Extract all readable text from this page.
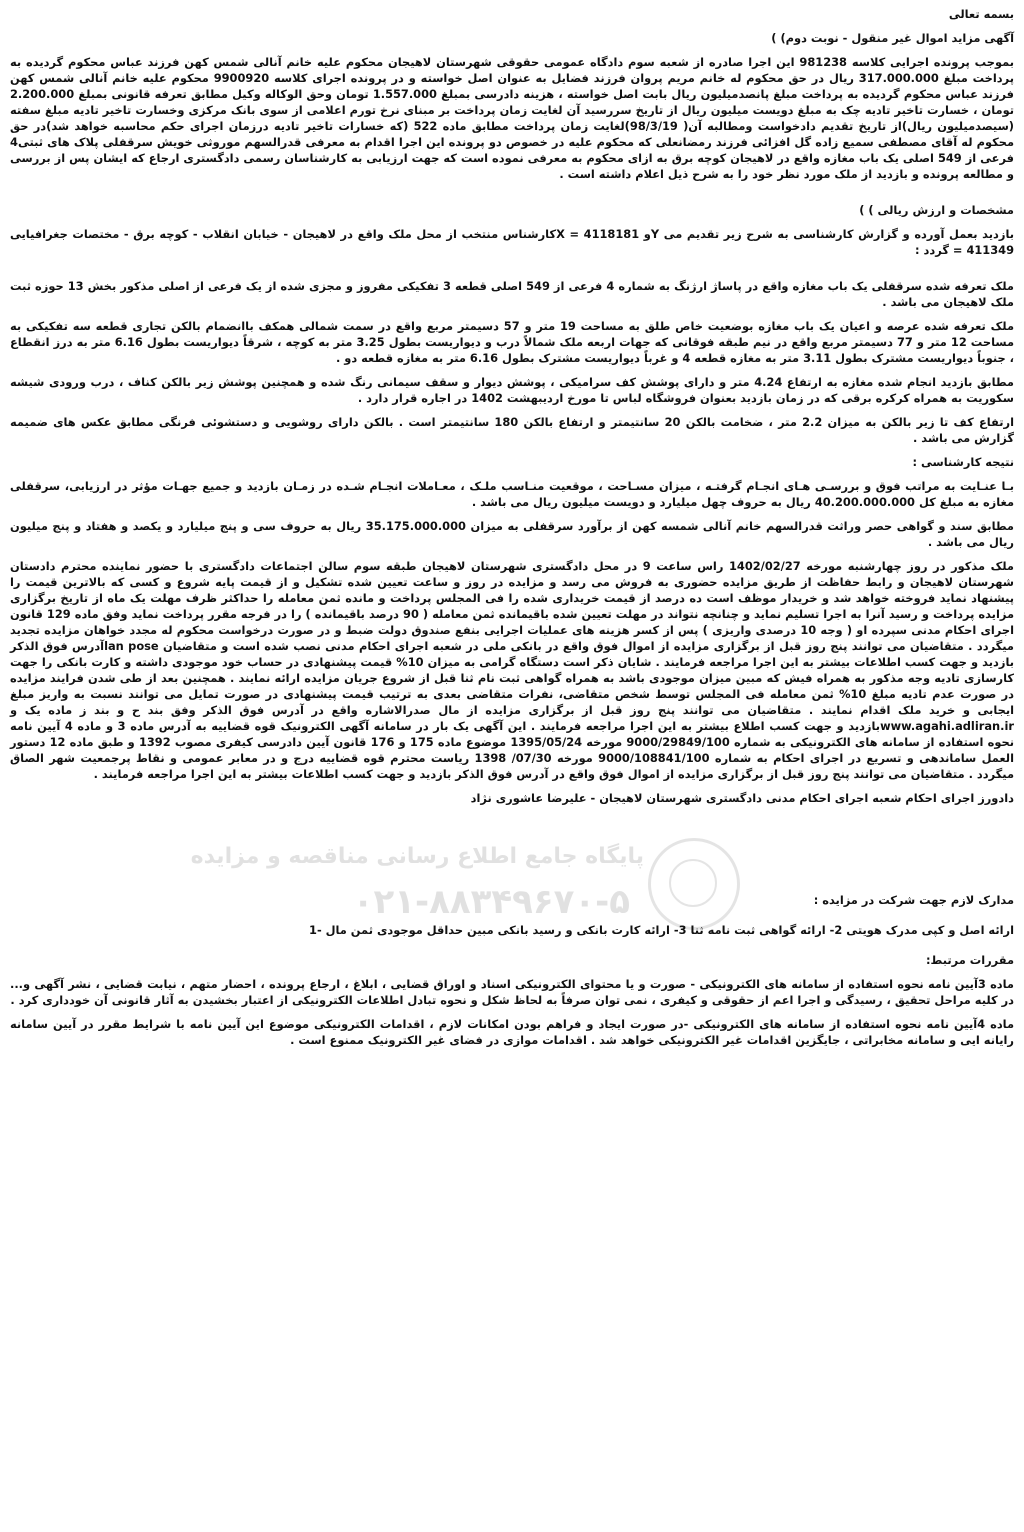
پایگاه جامع اطلاع رسانی مناقصه و مزایده
۰۲۱-۸۸۳۴۹۶۷۰-۵

بسمه تعالی

آگهی مزاید اموال غیر منقول - نوبت دوم) )

بموجب پرونده اجرایی کلاسه 981238 این اجرا صادره از شعبه سوم دادگاه عمومی حقوقی شهرستان لاهیجان محکوم علیه خانم آنالی شمس کهن فرزند عباس محکوم گردیده به پرداخت مبلغ 317.000.000 ریال در حق محکوم له خانم مریم پروان فرزند فضایل به عنوان اصل خواسته و در پرونده اجرای کلاسه 9900920 محکوم علیه خانم آنالی شمس کهن فرزند عباس محکوم گردیده به پرداخت مبلغ پانصدمیلیون ریال بابت اصل خواسته ، هزینه دادرسی بمبلغ 1.557.000 تومان وحق الوکاله وکیل مطابق تعرفه قانونی بمبلغ 2.200.000 تومان ، خسارت تاخیر تادیه چک به مبلغ دویست میلیون ریال از تاریخ سررسید آن لغایت زمان پرداخت بر مبنای نرخ تورم اعلامی از سوی بانک مرکزی وخسارت تاخیر تادیه مبلغ سفته (سیصدمیلیون ریال)از تاریخ تقدیم دادخواست ومطالبه آن( 98/3/19)لغایت زمان پرداخت مطابق ماده 522 (که خسارات تاخیر تادیه درزمان اجرای حکم محاسبه خواهد شد)در حق محکوم له آقای مصطفی سمیع زاده گل افزائی فرزند رمضانعلی که محکوم علیه در خصوص دو پرونده این اجرا اقدام به معرفی قدرالسهم موروثی خویش سرقفلی پلاک های ثبتی4 فرعی از 549 اصلی یک باب مغازه واقع در لاهیجان کوچه برق به ازای محکوم به معرفی نموده است که جهت ارزیابی به کارشناسان رسمی دادگستری ارجاع که ایشان پس از بررسی و مطالعه پرونده و بازدید از ملک مورد نظر خود را به شرح ذیل اعلام داشته است .

مشخصات و ارزش ریالی ) )

بازدید بعمل آورده و گزارش کارشناسی به شرح زیر تقدیم می Yو 4118181 = Xکارشناس منتخب از محل ملک واقع در لاهیجان - خیابان انقلاب - کوچه برق - مختصات جغرافیایی 411349 = گردد :

ملک تعرفه شده سرقفلی یک باب مغازه واقع در پاساژ ارژنگ به شماره 4 فرعی از 549 اصلی قطعه 3 تفکیکی مفروز و مجزی شده از یک فرعی از اصلی مذکور بخش 13 حوزه ثبت ملک لاهیجان می باشد .

ملک تعرفه شده عرصه و اعیان یک باب مغازه بوضعیت خاص طلق به مساحت 19 متر و 57 دسیمتر مربع واقع در سمت شمالی همکف باانضمام بالکن تجاری قطعه سه تفکیکی به مساحت 12 متر و 77 دسیمتر مربع واقع در نیم طبقه فوقانی که جهات اربعه ملک شمالاً درب و دیواریست بطول 3.25 متر به کوچه ، شرقاً دیواریست بطول 6.16 متر به درز انقطاع ، جنوباً دیواریست مشترک بطول 3.11 متر به مغازه قطعه 4 و غرباً دیواریست مشترک بطول 6.16 متر به مغازه قطعه دو .

مطابق بازدید انجام شده مغازه به ارتفاع 4.24 متر و دارای پوشش کف سرامیکی ، پوشش دیوار و سقف سیمانی رنگ شده و همچنین پوشش زیر بالکن کناف ، درب ورودی شیشه سکوریت به همراه کرکره برقی که در زمان بازدید بعنوان فروشگاه لباس تا مورخ اردیبهشت 1402 در اجاره قرار دارد .

ارتفاع کف تا زیر بالکن به میزان 2.2 متر ، ضخامت بالکن 20 سانتیمتر و ارتفاع بالکن 180 سانتیمتر است . بالکن دارای روشویی و دستشوئی فرنگی مطابق عکس های ضمیمه گزارش می باشد .

نتیجه کارشناسی :

بـا عنـایت به مراتب فوق و بررسـی هـای انجـام گرفتـه ، میزان مسـاحت ، موقعیت منـاسب ملـک ، معـاملات انجـام شـده در زمـان بازدید و جمیع جهـات مؤثر در ارزیابی، سرقفلی مغازه به مبلغ کل 40.200.000.000 ریال به حروف چهل میلیارد و دویست میلیون ریال می باشد .

مطابق سند و گواهی حصر وراثت قدرالسهم خانم آنالی شمسه کهن از برآورد سرقفلی به میزان 35.175.000.000 ریال به حروف سی و پنج میلیارد و یکصد و هفتاد و پنج میلیون ریال می باشد .

ملک مذکور در روز چهارشنبه مورخه 1402/02/27 راس ساعت 9 در محل دادگستری شهرستان لاهیجان طبقه سوم سالن اجتماعات دادگستری با حضور نماینده محترم دادستان شهرستان لاهیجان و رابط حفاظت از طریق مزایده حضوری به فروش می رسد و مزایده در روز و ساعت تعیین شده تشکیل و از قیمت پایه شروع و کسی که بالاترین قیمت را پیشنهاد نماید فروخته خواهد شد و خریدار موظف است ده درصد از قیمت خریداری شده را فی المجلس پرداخت و مانده ثمن معامله را حداکثر ظرف مهلت یک ماه از تاریخ برگزاری مزایده پرداخت و رسید آنرا به اجرا تسلیم نماید و چنانچه نتواند در مهلت تعیین شده باقیمانده ثمن معامله ( 90 درصد باقیمانده ) را در فرجه مقرر پرداخت نماید وفق ماده 129 قانون اجرای احکام مدنی سپرده او ( وجه 10 درصدی واریزی ) پس از کسر هزینه های عملیات اجرایی بنفع صندوق دولت ضبط و در صورت درخواست محکوم له مجدد خواهان مزایده تجدید میگردد . متقاضیان می توانند پنج روز قبل از برگزاری مزایده از اموال فوق واقع در بانکی ملی در شعبه اجرای احکام مدنی نصب شده است و متقاضیان lan poseآدرس فوق الذکر بازدید و جهت کسب اطلاعات بیشتر به این اجرا مراجعه فرمایند . شایان ذکر است دستگاه گرامی به میزان 10% قیمت پیشنهادی در حساب خود موجودی داشته و کارت بانکی را جهت کارسازی تادیه وجه مذکور به همراه فیش که مبین میزان موجودی باشد به همراه گواهی ثبت نام ثنا قبل از شروع جریان مزایده ارائه نمایند . همچنین بعد از طی شدن فرایند مزایده در صورت عدم تادیه مبلغ 10% ثمن معامله فی المجلس توسط شخص متقاضی، نفرات متقاضی بعدی به ترتیب قیمت پیشنهادی در صورت تمایل می توانند نسبت به واریز مبلغ ایجابی و خرید ملک اقدام نمایند . متقاضیان می توانند پنج روز قبل از برگزاری مزایده از مال صدرالاشاره واقع در آدرس فوق الذکر وفق بند ح و بند ز ماده یک و www.agahi.adliran.irبازدید و جهت کسب اطلاع بیشتر به این اجرا مراجعه فرمایند . این آگهی یک بار در سامانه آگهی الکترونیک قوه قضاییه به آدرس ماده 3 و ماده 4 آیین نامه نحوه استفاده از سامانه های الکترونیکی به شماره 9000/29849/100 مورخه 1395/05/24 موضوع ماده 175 و 176 قانون آیین دادرسی کیفری مصوب 1392 و طبق ماده 12 دستور العمل ساماندهی و تسریع در اجرای احکام به شماره 9000/108841/100 مورخه 07/30/ 1398 ریاست محترم قوه قضاییه درج و در معابر عمومی و نقاط پرجمعیت شهر الصاق میگردد . متقاضیان می توانند پنج روز قبل از برگزاری مزایده از اموال فوق واقع در آدرس فوق الذکر بازدید و جهت کسب اطلاعات بیشتر به این اجرا مراجعه فرمایند .

دادورز اجرای احکام شعبه اجرای احکام مدنی دادگستری شهرستان لاهیجان - علیرضا عاشوری نژاد

مدارک لازم جهت شرکت در مزایده :

ارائه اصل و کپی مدرک هویتی 2- ارائه گواهی ثبت نامه ثنا 3- ارائه کارت بانکی و رسید بانکی مبین حداقل موجودی ثمن مال -1

مقررات مرتبط:

ماده 3آیین نامه نحوه استفاده از سامانه های الکترونیکی - صورت و یا محتوای الکترونیکی اسناد و اوراق قضایی ، ابلاغ ، ارجاع پرونده ، احضار متهم ، نیابت قضایی ، نشر آگهی و... در کلیه مراحل تحقیق ، رسیدگی و اجرا اعم از حقوقی و کیفری ، نمی توان صرفاً به لحاظ شکل و نحوه تبادل اطلاعات الکترونیکی از اعتبار بخشیدن به آثار قانونی آن خودداری کرد .

ماده 4آیین نامه نحوه استفاده از سامانه های الکترونیکی -در صورت ایجاد و فراهم بودن امکانات لازم ، اقدامات الکترونیکی موضوع این آیین نامه با شرایط مقرر در آیین سامانه رایانه ایی و سامانه مخابراتی ، جایگزین اقدامات غیر الکترونیکی خواهد شد . اقدامات موازی در فضای غیر الکترونیک ممنوع است .
